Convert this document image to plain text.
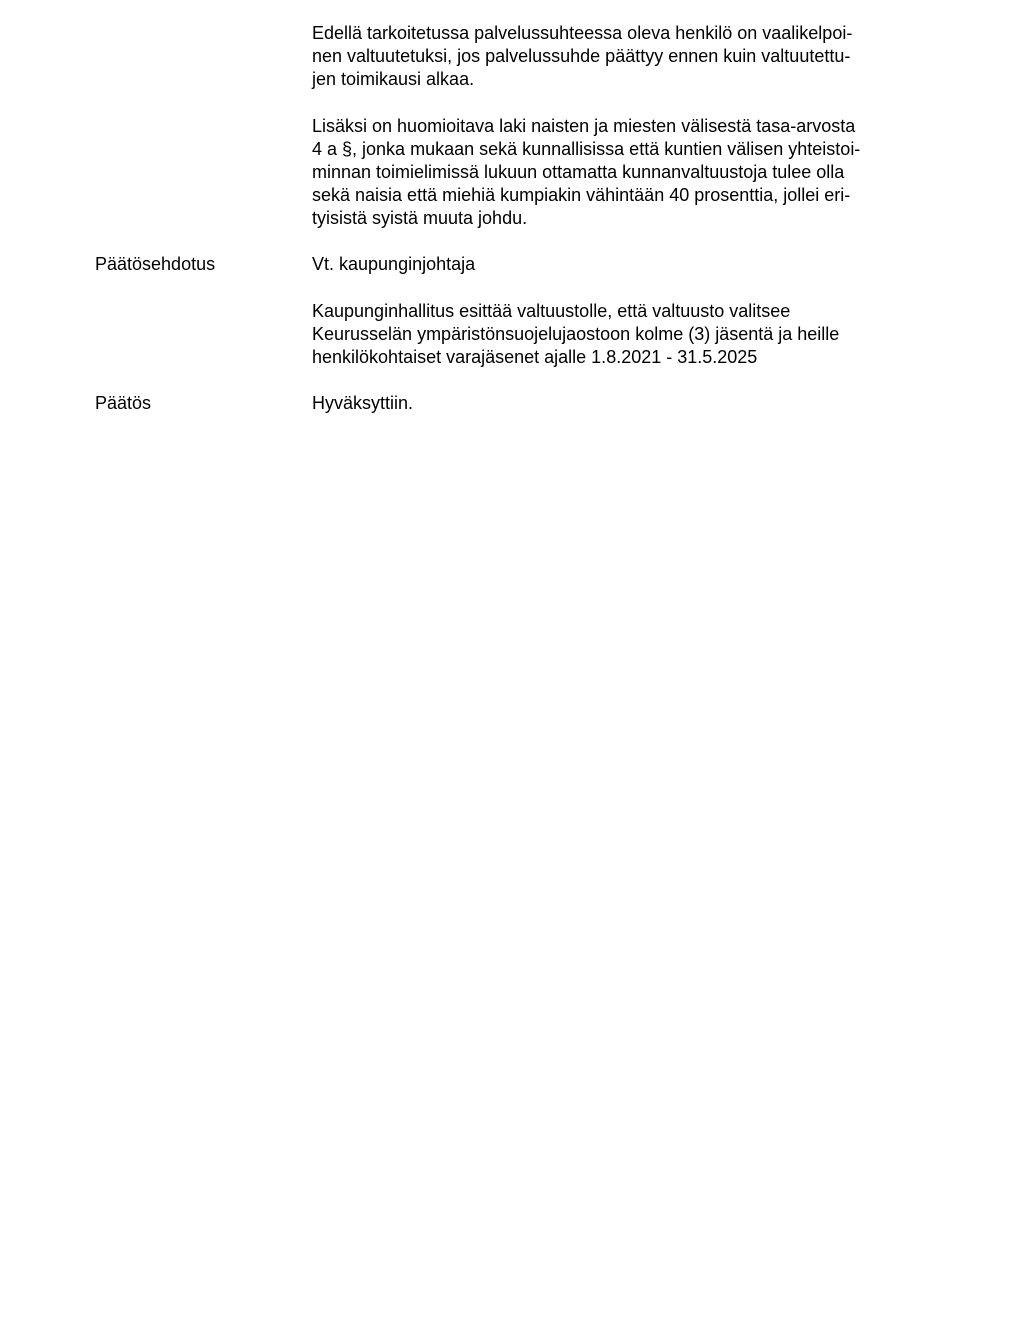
Edellä tarkoitetussa palvelussuhteessa oleva henkilö on vaalikelpoi-
nen valtuutetuksi, jos palvelussuhde päättyy ennen kuin valtuutettu-
jen toimikausi alkaa.

Lisäksi on huomioitava laki naisten ja miesten välisestä tasa-arvosta
4 a §, jonka mukaan sekä kunnallisissa että kuntien välisen yhteistoi-
minnan toimielimissä lukuun ottamatta kunnanvaltuustoja tulee olla
sekä naisia että miehiä kumpiakin vähintään 40 prosenttia, jollei eri-
tyisistä syistä muuta johdu.

Päätösehdotus	Vt. kaupunginjohtaja

Kaupunginhallitus esittää valtuustolle, että valtuusto valitsee
Keurusselän ympäristönsuojelujaostoon kolme (3) jäsentä ja heille
henkilökohtaiset varajäsenet ajalle 1.8.2021 - 31.5.2025

Päätös	Hyväksyttiin.
